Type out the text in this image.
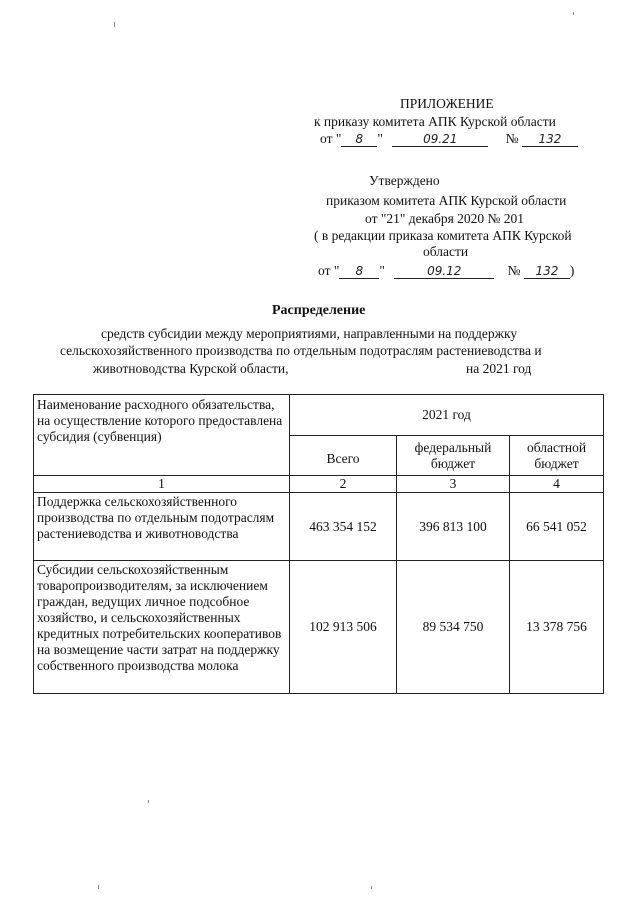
ПРИЛОЖЕНИЕ
к приказу комитета АПК Курской области
от " 8 "	09.21	№ 132
Утверждено
приказом комитета АПК Курской области
от "21" декабря 2020 № 201
( в редакции приказа комитета АПК Курской
области
от " 8 "	09.12	№ 132 )
Распределение
средств субсидии между мероприятиями, направленными на поддержку
сельскохозяйственного производства по отдельным подотраслям растениеводства и
животноводства Курской области,	на 2021 год
Наименование расходного обязательства, на осуществление которого предоставлена субсидия (субвенция)	2021 год		
	Всего	федеральный бюджет	областной бюджет
1	2	3	4
Поддержка сельскохозяйственного производства по отдельным подотраслям растениеводства и животноводства	463 354 152	396 813 100	66 541 052
Субсидии сельскохозяйственным товаропроизводителям, за исключением граждан, ведущих личное подсобное хозяйство, и сельскохозяйственных кредитных потребительских кооперативов на возмещение части затрат на поддержку собственного производства молока	102 913 506	89 534 750	13 378 756
